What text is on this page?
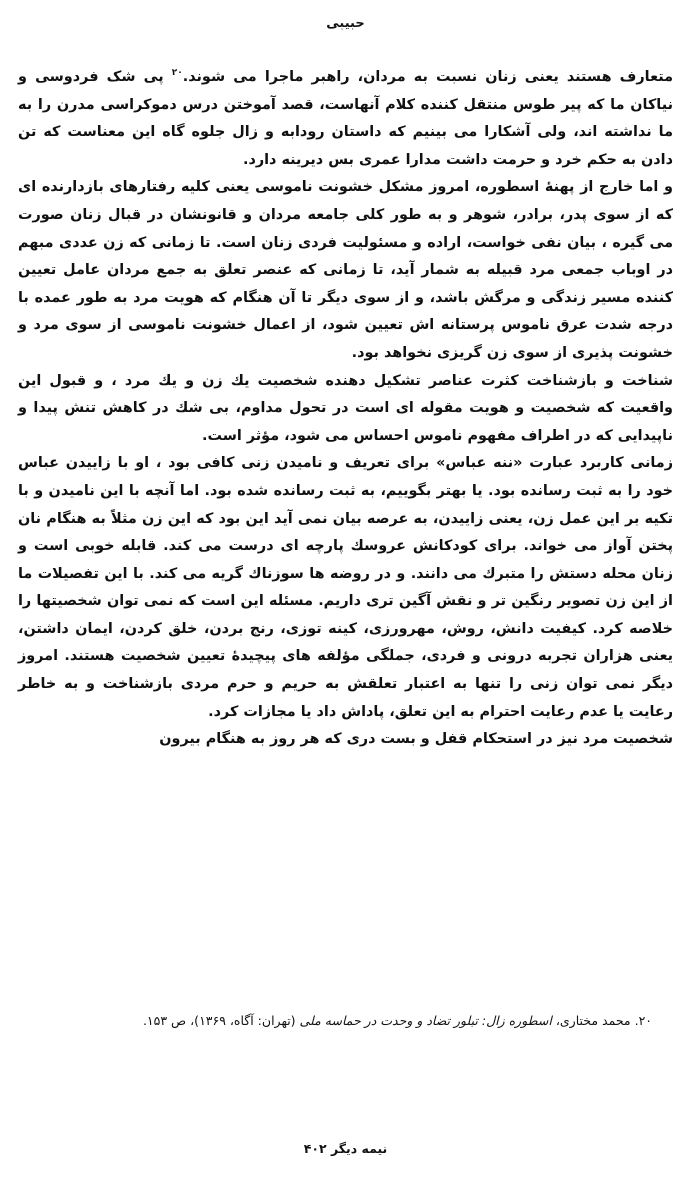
حبیبی

متعارف هستند یعنی زنان نسبت به مردان، راهبر ماجرا می شوند.$^{۲۰}$ پی شک فردوسی و نیاکان ما که پیر طوس منتقل کننده کلام آنهاست، قصد آموختن درس دموکراسی مدرن را به ما نداشته اند، ولی آشکارا می بینیم که داستان رودابه و زال جلوه گاه این معناست که تن دادن به حکم خرد و حرمت داشت مدارا عمری بس دیرینه دارد.

و اما خارج از پهنهٔ اسطوره، امروز مشکل خشونت ناموسی یعنی کلیه رفتارهای بازدارنده ای که از سوی پدر، برادر، شوهر و به طور کلی جامعه مردان و قانونشان در قبال زنان صورت می گیره ، بیان نفی خواست، اراده و مسئولیت فردی زنان است. تا زمانی که زن عددی مبهم در اوباب جمعی مرد قبیله به شمار آید، تا زمانی که عنصر تعلق به جمع مردان عامل تعیین کننده مسیر زندگی و مرگش باشد، و از سوی دیگر تا آن هنگام که هویت مرد به طور عمده با درجه شدت عرق ناموس پرستانه اش تعیین شود، از اعمال خشونت ناموسی از سوی مرد و خشونت پذیری از سوی زن گریزی نخواهد بود.

شناخت و بازشناخت کثرت عناصر تشکیل دهنده شخصیت یك زن و یك مرد ، و قبول این واقعیت که شخصیت و هویت مقوله ای است در تحول مداوم، بی شك در کاهش تنش پیدا و ناپیدایی که در اطراف مفهوم ناموس احساس می شود، مؤثر است.

زمانی کاربرد عبارت «ننه عباس» برای تعریف و نامیدن زنی کافی بود ، او با زاییدن عباس خود را به ثبت رسانده بود. یا بهتر بگوییم، به ثبت رسانده شده بود. اما آنچه با این نامیدن و با تکیه بر این عمل زن، یعنی زاییدن، به عرصه بیان نمی آید این بود که این زن مثلاً به هنگام نان پختن آواز می خواند. برای کودکانش عروسك پارچه ای درست می کند. قابله خوبی است و زنان محله دستش را متبرك می دانند. و در روضه ها سوزناك گریه می کند. با این تفصیلات ما از این زن تصویر رنگین تر و نقش آگین تری داریم. مسئله این است که نمی توان شخصیتها را خلاصه کرد. کیفیت دانش، روش، مهرورزی، کینه توزی، رنج بردن، خلق کردن، ایمان داشتن، یعنی هزاران تجربه درونی و فردی، جملگی مؤلفه های پیچیدهٔ تعیین شخصیت هستند. امروز دیگر نمی توان زنی را تنها به اعتبار تعلقش به حریم و حرم مردی بازشناخت و به خاطر رعایت یا عدم رعایت احترام به این تعلق، پاداش داد یا مجازات کرد.

شخصیت مرد نیز در استحکام قفل و بست دری که هر روز به هنگام بیرون

۲۰. محمد مختاری، اسطوره زال: تبلور تضاد و وحدت در حماسه ملی (تهران: آگاه، ۱۳۶۹)، ص ۱۵۳.
نیمه دیگر ۴۰۲
